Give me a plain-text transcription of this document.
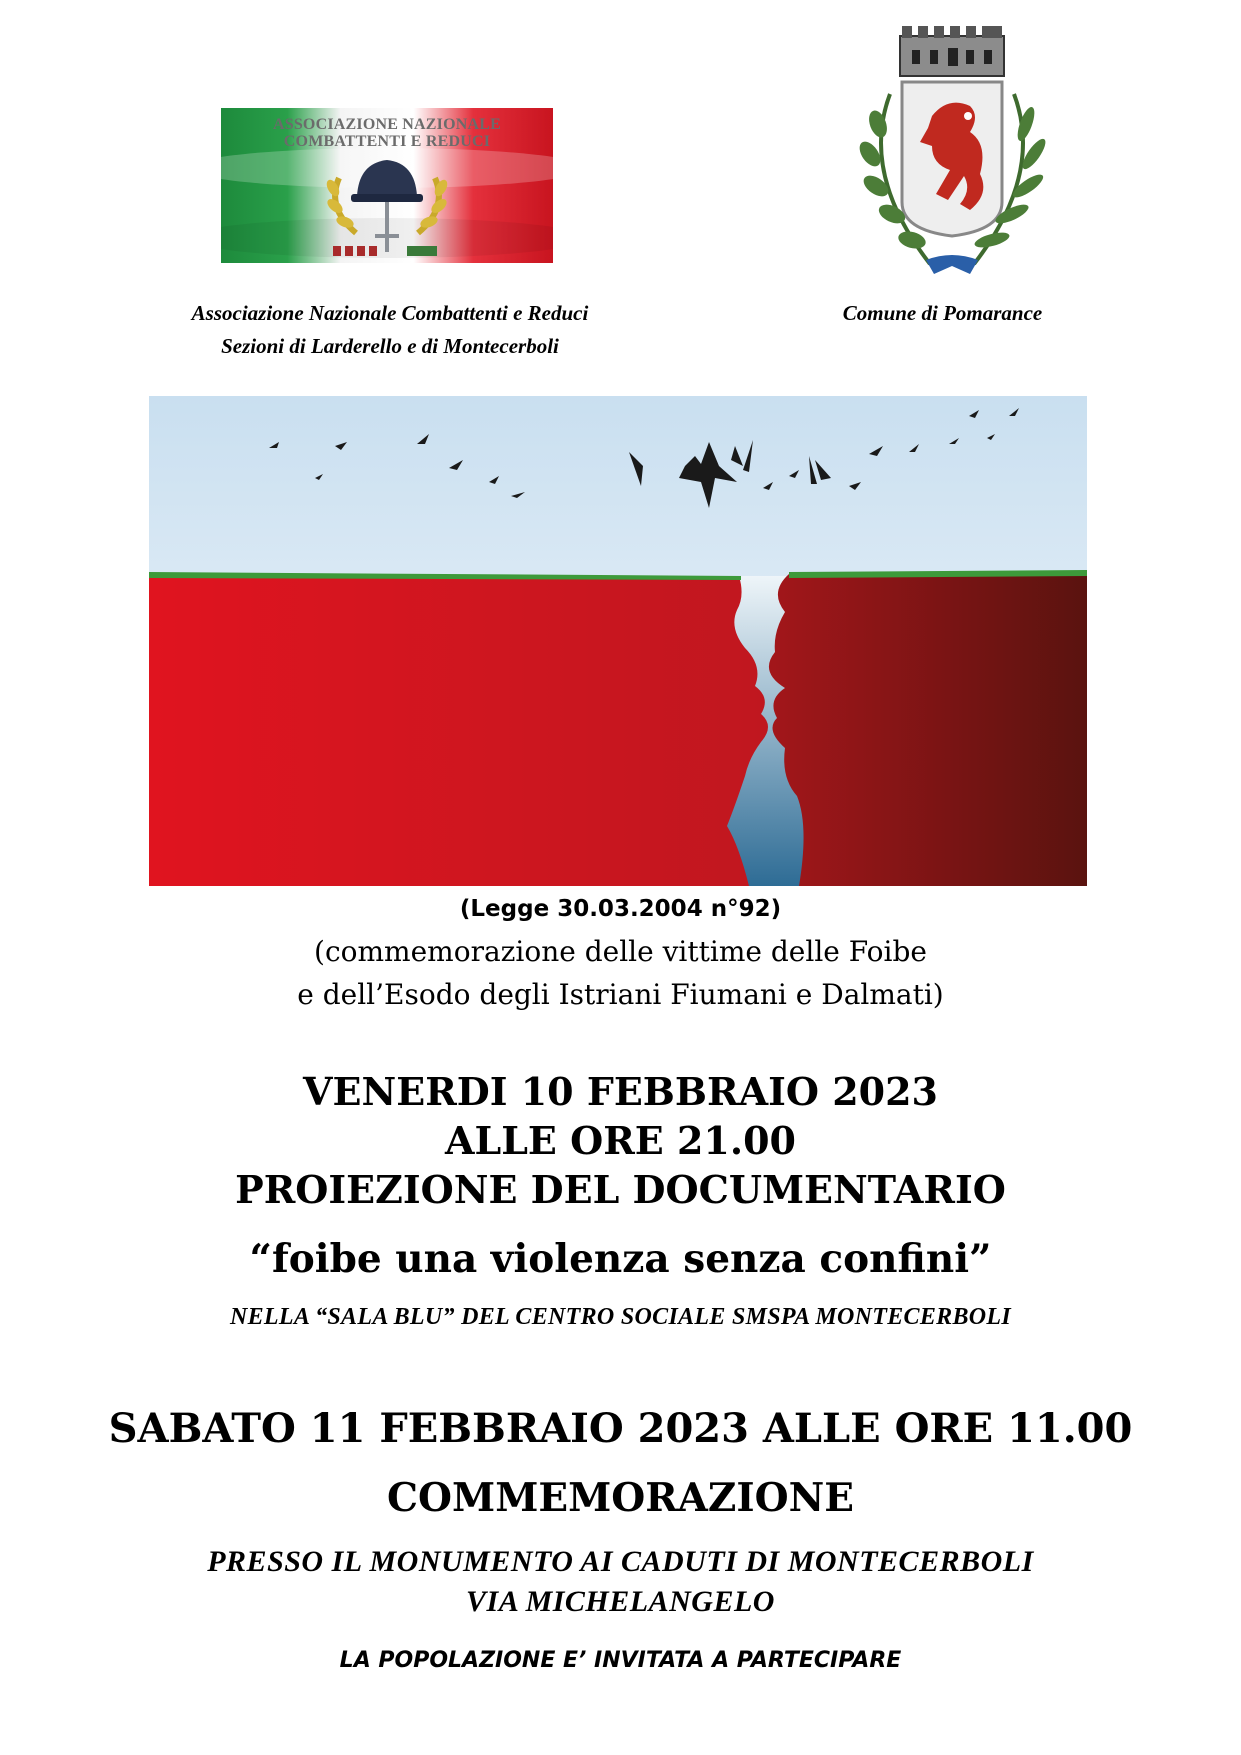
ASSOCIAZIONE NAZIONALE
COMBATTENTI E REDUCI
Associazione Nazionale Combattenti e Reduci
Sezioni di Larderello e di Montecerboli
Comune di Pomarance
(Legge 30.03.2004 n°92)
(commemorazione delle vittime delle Foibe
e dell’Esodo degli Istriani Fiumani e Dalmati)
VENERDI 10 FEBBRAIO 2023
ALLE ORE 21.00
PROIEZIONE DEL DOCUMENTARIO
“foibe una violenza senza confini”
NELLA “SALA BLU” DEL CENTRO SOCIALE SMSPA MONTECERBOLI
SABATO 11 FEBBRAIO 2023 ALLE ORE 11.00
COMMEMORAZIONE
PRESSO IL MONUMENTO AI CADUTI DI MONTECERBOLI
VIA MICHELANGELO
LA POPOLAZIONE E’ INVITATA A PARTECIPARE
